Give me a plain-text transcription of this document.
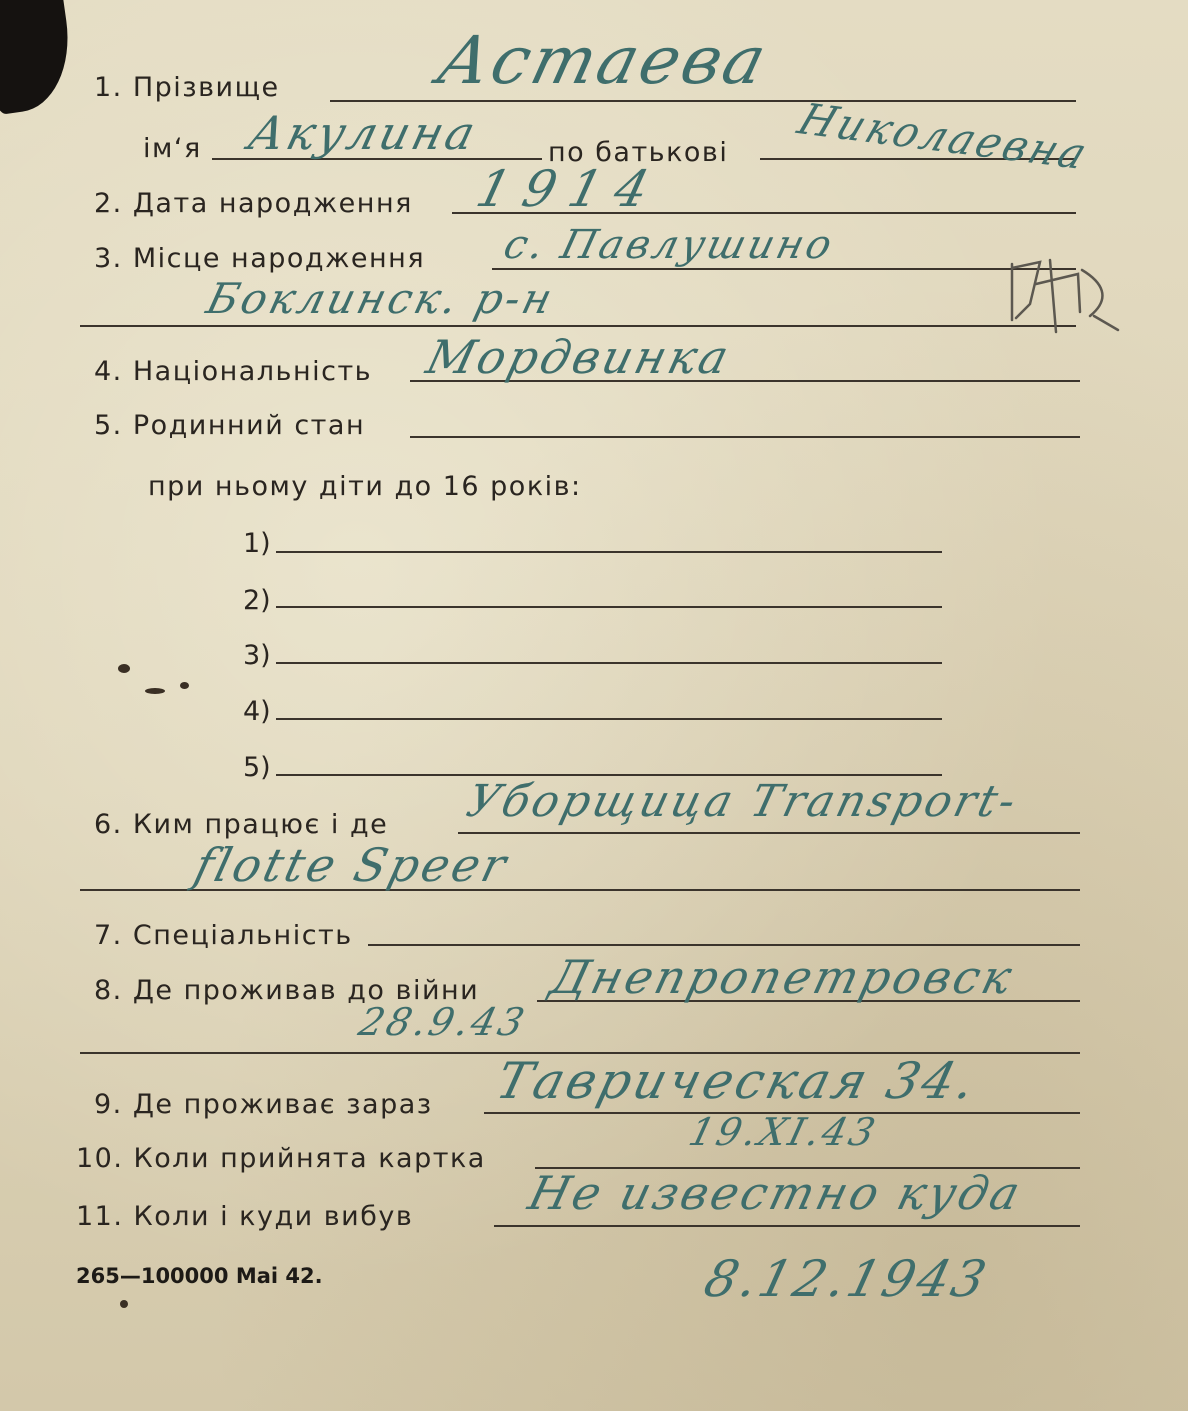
1. Прізвище Астаева
ім‘я Акулина по батькові Николаевна
2. Дата народження 1914
3. Місце народження с. Павлушино
Боклинск. р-н
4. Національність Мордвинка
5. Родинний стан
при ньому діти до 16 років:
1)
2)
3)
4)
5)
6. Ким працює і де Уборщица Transport-
flotte Speer
7. Спеціальність
8. Де проживав до війни Днепропетровск
28.9.43
9. Де проживає зараз Таврическая 34.
10. Коли прийнята картка
19.XI.43
11. Коли і куди вибув Не известно куда
265—100000 Mai 42.	8.12.1943
